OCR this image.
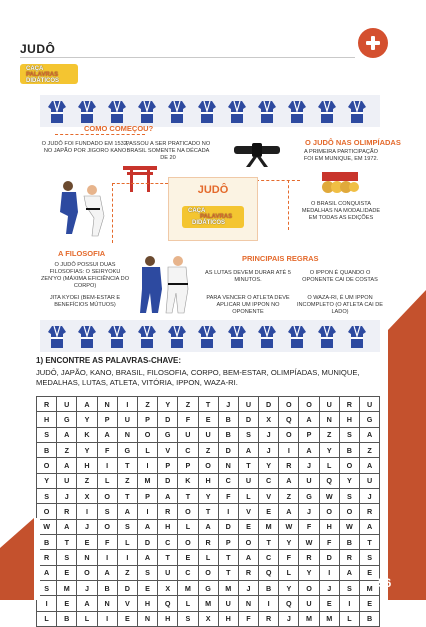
JUDÔ
CAÇA
PALAVRAS
DIDÁTICOS
COMO COMEÇOU?
O JUDÔ FOI FUNDADO EM 1532, NO JAPÃO POR JIGORO KANO
PASSOU A SER PRATICADO NO BRASIL SOMENTE NA DÉCADA DE 20
O JUDÔ NAS OLIMPÍADAS
A PRIMEIRA PARTICIPAÇÃO FOI EM MUNIQUE, EM 1972.
O BRASIL CONQUISTA MEDALHAS NA MODALIDADE EM TODAS AS EDIÇÕES
JUDÔ
CAÇA
PALAVRAS
DIDÁTICOS
A FILOSOFIA
O JUDÔ POSSUI DUAS FILOSOFIAS: O SEIRYOKU ZEN'YO (MÁXIMA EFICIÊNCIA DO CORPO)
JITA KYOEI (BEM-ESTAR E BENEFÍCIOS MÚTUOS)
PRINCIPAIS REGRAS
AS LUTAS DEVEM DURAR ATÉ 5 MINUTOS.
PARA VENCER O ATLETA DEVE APLICAR UM IPPON NO OPONENTE
O IPPON É QUANDO O OPONENTE CAI DE COSTAS
O WAZA-RI, É UM IPPON INCOMPLETO (O ATLETA CAI DE LADO)
1) ENCONTRE AS PALAVRAS-CHAVE:
JUDÔ, JAPÃO, KANO, BRASIL, FILOSOFIA, CORPO, BEM-ESTAR, OLIMPÍADAS, MUNIQUE, MEDALHAS, LUTAS, ATLETA, VITÓRIA, IPPON, WAZA-RI.
R	U	A	N	I	Z	Y	Z	T	J	U	D	O	O	U	R	U
H	G	Y	P	U	P	D	F	E	B	D	X	Q	A	N	H	G
S	A	K	A	N	O	G	U	U	B	S	J	O	P	Z	S	A
B	Z	Y	F	G	L	V	C	Z	D	A	J	I	A	Y	B	Z
O	A	H	I	T	I	P	P	O	N	T	Y	R	J	L	O	A
Y	U	Z	L	Z	M	D	K	H	C	U	C	A	U	Q	Y	U
S	J	X	O	T	P	A	T	Y	F	L	V	Z	G	W	S	J
O	R	I	S	A	I	R	O	T	I	V	E	A	J	O	O	R
W	A	J	O	S	A	H	L	A	D	E	M	W	F	H	W	A
B	T	E	F	L	D	C	O	R	P	O	T	Y	W	F	B	T
R	S	N	I	I	A	T	E	L	T	A	C	F	R	D	R	S
A	E	O	A	Z	S	U	C	O	T	R	Q	L	Y	I	A	E
S	M	J	B	D	E	X	M	G	M	J	B	Y	O	J	S	M
I	E	A	N	V	H	Q	L	M	U	N	I	Q	U	E	I	E
L	B	L	I	E	N	H	S	X	H	F	R	J	M	M	L	B
56
